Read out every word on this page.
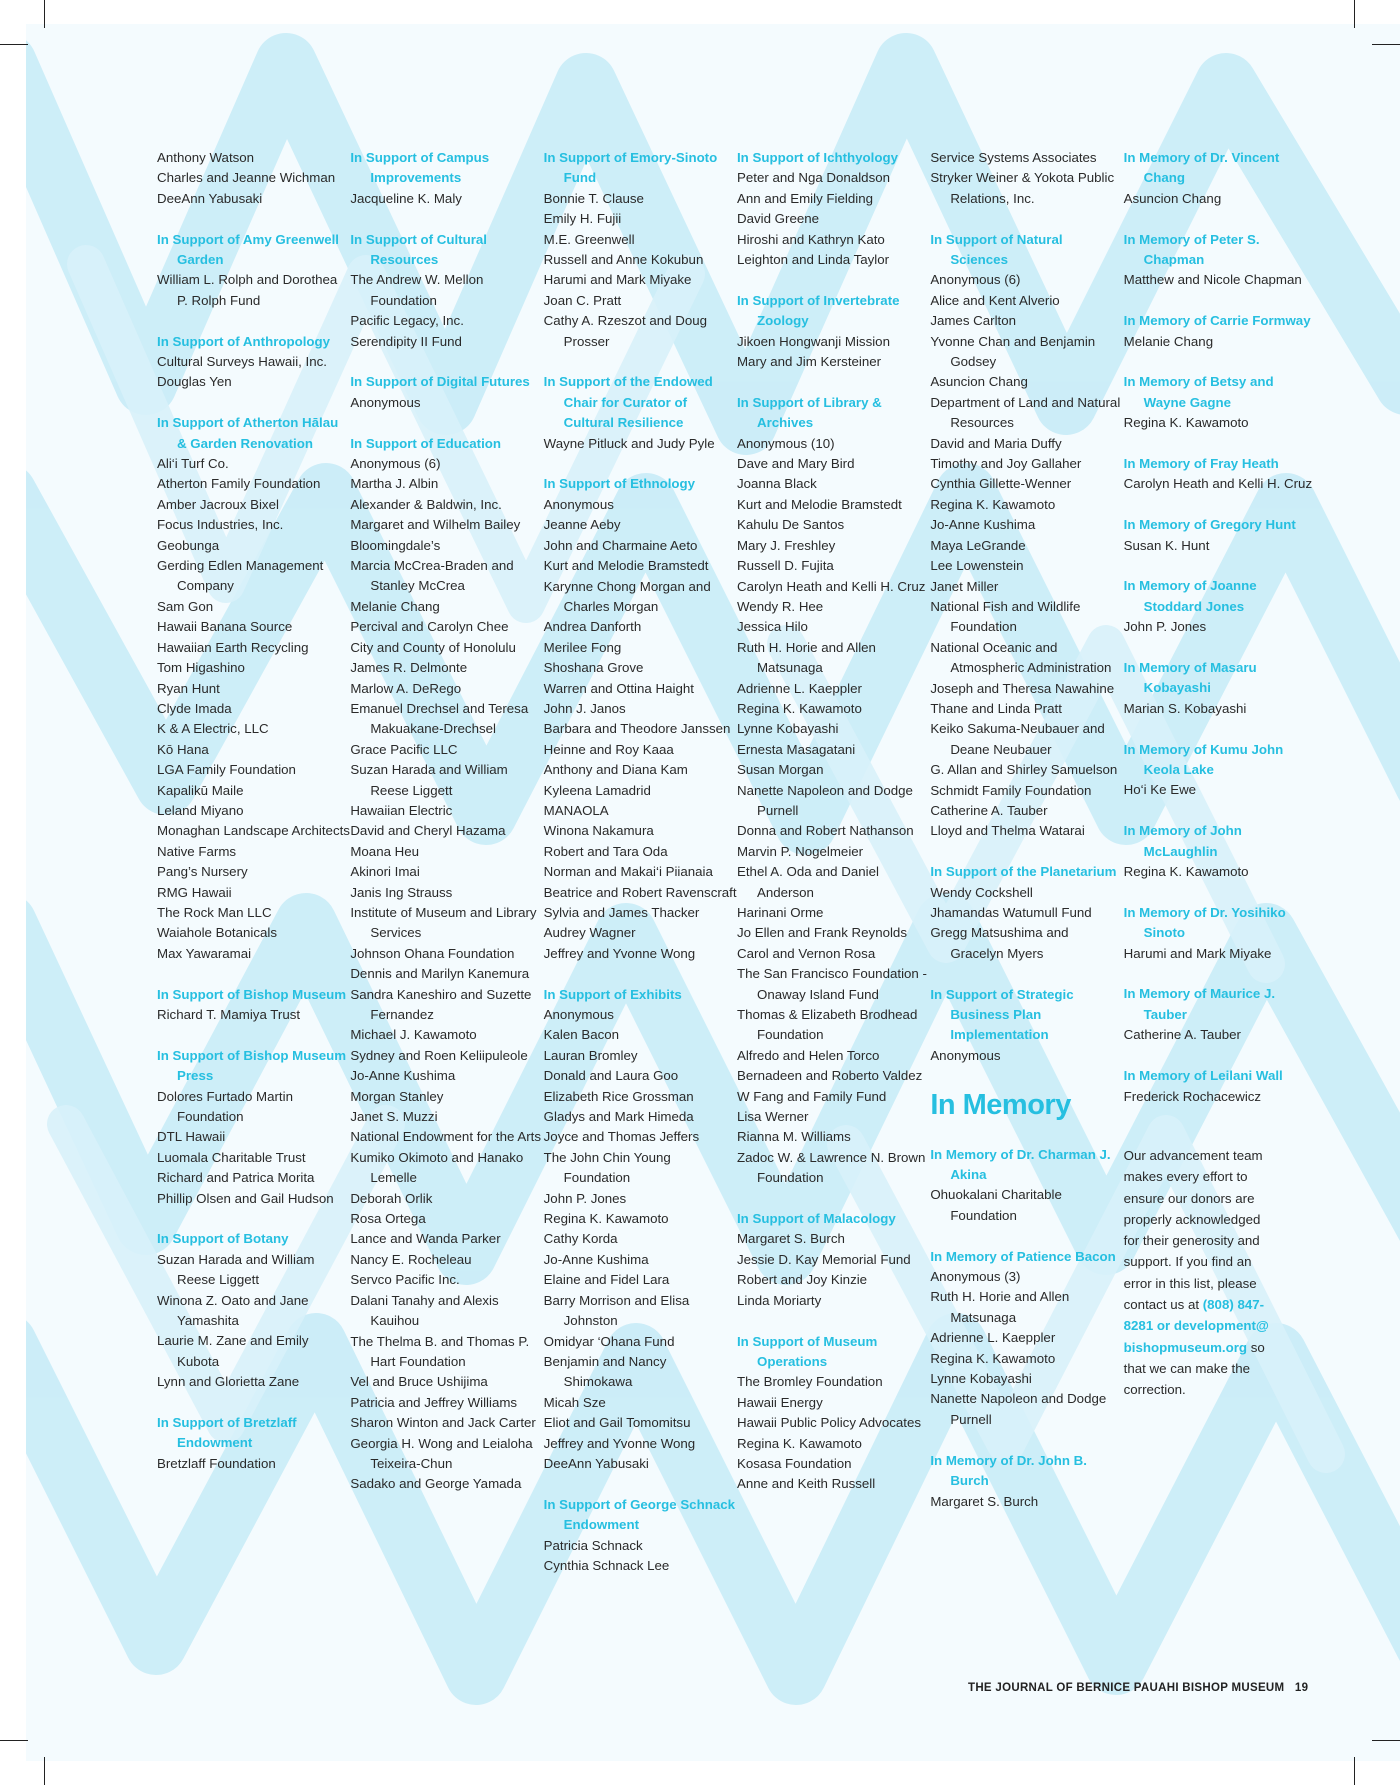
Anthony Watson
Charles and Jeanne Wichman
DeeAnn Yabusaki
In Support of Amy Greenwell Garden
William L. Rolph and Dorothea P. Rolph Fund
In Support of Anthropology
Cultural Surveys Hawaii, Inc.
Douglas Yen
In Support of Atherton Hālau & Garden Renovation
Ali‘i Turf Co.
Atherton Family Foundation
Amber Jacroux Bixel
Focus Industries, Inc.
Geobunga
Gerding Edlen Management Company
Sam Gon
Hawaii Banana Source
Hawaiian Earth Recycling
Tom Higashino
Ryan Hunt
Clyde Imada
K & A Electric, LLC
Kō Hana
LGA Family Foundation
Kapalikū Maile
Leland Miyano
Monaghan Landscape Architects
Native Farms
Pang’s Nursery
RMG Hawaii
The Rock Man LLC
Waiahole Botanicals
Max Yawaramai
In Support of Bishop Museum
Richard T. Mamiya Trust
In Support of Bishop Museum Press
Dolores Furtado Martin Foundation
DTL Hawaii
Luomala Charitable Trust
Richard and Patrica Morita
Phillip Olsen and Gail Hudson
In Support of Botany
Suzan Harada and William Reese Liggett
Winona Z. Oato and Jane Yamashita
Laurie M. Zane and Emily Kubota
Lynn and Glorietta Zane
In Support of Bretzlaff Endowment
Bretzlaff Foundation
In Support of Campus Improvements
Jacqueline K. Maly
In Support of Cultural Resources
The Andrew W. Mellon Foundation
Pacific Legacy, Inc.
Serendipity II Fund
In Support of Digital Futures
Anonymous
In Support of Education
Anonymous (6)
Martha J. Albin
Alexander & Baldwin, Inc.
Margaret and Wilhelm Bailey
Bloomingdale’s
Marcia McCrea-Braden and Stanley McCrea
Melanie Chang
Percival and Carolyn Chee
City and County of Honolulu
James R. Delmonte
Marlow A. DeRego
Emanuel Drechsel and Teresa Makuakane-Drechsel
Grace Pacific LLC
Suzan Harada and William Reese Liggett
Hawaiian Electric
David and Cheryl Hazama
Moana Heu
Akinori Imai
Janis Ing Strauss
Institute of Museum and Library Services
Johnson Ohana Foundation
Dennis and Marilyn Kanemura
Sandra Kaneshiro and Suzette Fernandez
Michael J. Kawamoto
Sydney and Roen Keliipuleole
Jo-Anne Kushima
Morgan Stanley
Janet S. Muzzi
National Endowment for the Arts
Kumiko Okimoto and Hanako Lemelle
Deborah Orlik
Rosa Ortega
Lance and Wanda Parker
Nancy E. Rocheleau
Servco Pacific Inc.
Dalani Tanahy and Alexis Kauihou
The Thelma B. and Thomas P. Hart Foundation
Vel and Bruce Ushijima
Patricia and Jeffrey Williams
Sharon Winton and Jack Carter
Georgia H. Wong and Leialoha Teixeira-Chun
Sadako and George Yamada
In Support of Emory-Sinoto Fund
Bonnie T. Clause
Emily H. Fujii
M.E. Greenwell
Russell and Anne Kokubun
Harumi and Mark Miyake
Joan C. Pratt
Cathy A. Rzeszot and Doug Prosser
In Support of the Endowed Chair for Curator of Cultural Resilience
Wayne Pitluck and Judy Pyle
In Support of Ethnology
Anonymous
Jeanne Aeby
John and Charmaine Aeto
Kurt and Melodie Bramstedt
Karynne Chong Morgan and Charles Morgan
Andrea Danforth
Merilee Fong
Shoshana Grove
Warren and Ottina Haight
John J. Janos
Barbara and Theodore Janssen
Heinne and Roy Kaaa
Anthony and Diana Kam
Kyleena Lamadrid
MANAOLA
Winona Nakamura
Robert and Tara Oda
Norman and Makai‘i Piianaia
Beatrice and Robert Ravenscraft
Sylvia and James Thacker
Audrey Wagner
Jeffrey and Yvonne Wong
In Support of Exhibits
Anonymous
Kalen Bacon
Lauran Bromley
Donald and Laura Goo
Elizabeth Rice Grossman
Gladys and Mark Himeda
Joyce and Thomas Jeffers
The John Chin Young Foundation
John P. Jones
Regina K. Kawamoto
Cathy Korda
Jo-Anne Kushima
Elaine and Fidel Lara
Barry Morrison and Elisa Johnston
Omidyar ‘Ohana Fund
Benjamin and Nancy Shimokawa
Micah Sze
Eliot and Gail Tomomitsu
Jeffrey and Yvonne Wong
DeeAnn Yabusaki
In Support of George Schnack Endowment
Patricia Schnack
Cynthia Schnack Lee
In Support of Ichthyology
Peter and Nga Donaldson
Ann and Emily Fielding
David Greene
Hiroshi and Kathryn Kato
Leighton and Linda Taylor
In Support of Invertebrate Zoology
Jikoen Hongwanji Mission
Mary and Jim Kersteiner
In Support of Library & Archives
Anonymous (10)
Dave and Mary Bird
Joanna Black
Kurt and Melodie Bramstedt
Kahulu De Santos
Mary J. Freshley
Russell D. Fujita
Carolyn Heath and Kelli H. Cruz
Wendy R. Hee
Jessica Hilo
Ruth H. Horie and Allen Matsunaga
Adrienne L. Kaeppler
Regina K. Kawamoto
Lynne Kobayashi
Ernesta Masagatani
Susan Morgan
Nanette Napoleon and Dodge Purnell
Donna and Robert Nathanson
Marvin P. Nogelmeier
Ethel A. Oda and Daniel Anderson
Harinani Orme
Jo Ellen and Frank Reynolds
Carol and Vernon Rosa
The San Francisco Foundation - Onaway Island Fund
Thomas & Elizabeth Brodhead Foundation
Alfredo and Helen Torco
Bernadeen and Roberto Valdez
W Fang and Family Fund
Lisa Werner
Rianna M. Williams
Zadoc W. & Lawrence N. Brown Foundation
In Support of Malacology
Margaret S. Burch
Jessie D. Kay Memorial Fund
Robert and Joy Kinzie
Linda Moriarty
In Support of Museum Operations
The Bromley Foundation
Hawaii Energy
Hawaii Public Policy Advocates
Regina K. Kawamoto
Kosasa Foundation
Anne and Keith Russell
Service Systems Associates
Stryker Weiner & Yokota Public Relations, Inc.
In Support of Natural Sciences
Anonymous (6)
Alice and Kent Alverio
James Carlton
Yvonne Chan and Benjamin Godsey
Asuncion Chang
Department of Land and Natural Resources
David and Maria Duffy
Timothy and Joy Gallaher
Cynthia Gillette-Wenner
Regina K. Kawamoto
Jo-Anne Kushima
Maya LeGrande
Lee Lowenstein
Janet Miller
National Fish and Wildlife Foundation
National Oceanic and Atmospheric Administration
Joseph and Theresa Nawahine
Thane and Linda Pratt
Keiko Sakuma-Neubauer and Deane Neubauer
G. Allan and Shirley Samuelson
Schmidt Family Foundation
Catherine A. Tauber
Lloyd and Thelma Watarai
In Support of the Planetarium
Wendy Cockshell
Jhamandas Watumull Fund
Gregg Matsushima and Gracelyn Myers
In Support of Strategic Business Plan Implementation
Anonymous
In Memory
In Memory of Dr. Charman J. Akina
Ohuokalani Charitable Foundation
In Memory of Patience Bacon
Anonymous (3)
Ruth H. Horie and Allen Matsunaga
Adrienne L. Kaeppler
Regina K. Kawamoto
Lynne Kobayashi
Nanette Napoleon and Dodge Purnell
In Memory of Dr. John B. Burch
Margaret S. Burch
In Memory of Dr. Vincent Chang
Asuncion Chang
In Memory of Peter S. Chapman
Matthew and Nicole Chapman
In Memory of Carrie Formway
Melanie Chang
In Memory of Betsy and Wayne Gagne
Regina K. Kawamoto
In Memory of Fray Heath
Carolyn Heath and Kelli H. Cruz
In Memory of Gregory Hunt
Susan K. Hunt
In Memory of Joanne Stoddard Jones
John P. Jones
In Memory of Masaru Kobayashi
Marian S. Kobayashi
In Memory of Kumu John Keola Lake
Ho‘i Ke Ewe
In Memory of John McLaughlin
Regina K. Kawamoto
In Memory of Dr. Yosihiko Sinoto
Harumi and Mark Miyake
In Memory of Maurice J. Tauber
Catherine A. Tauber
In Memory of Leilani Wall
Frederick Rochacewicz
Our advancement team makes every effort to ensure our donors are properly acknowledged for their generosity and support. If you find an error in this list, please contact us at (808) 847-8281 or development@ bishopmuseum.org so that we can make the correction.
THE JOURNAL OF BERNICE PAUAHI BISHOP MUSEUM 19
